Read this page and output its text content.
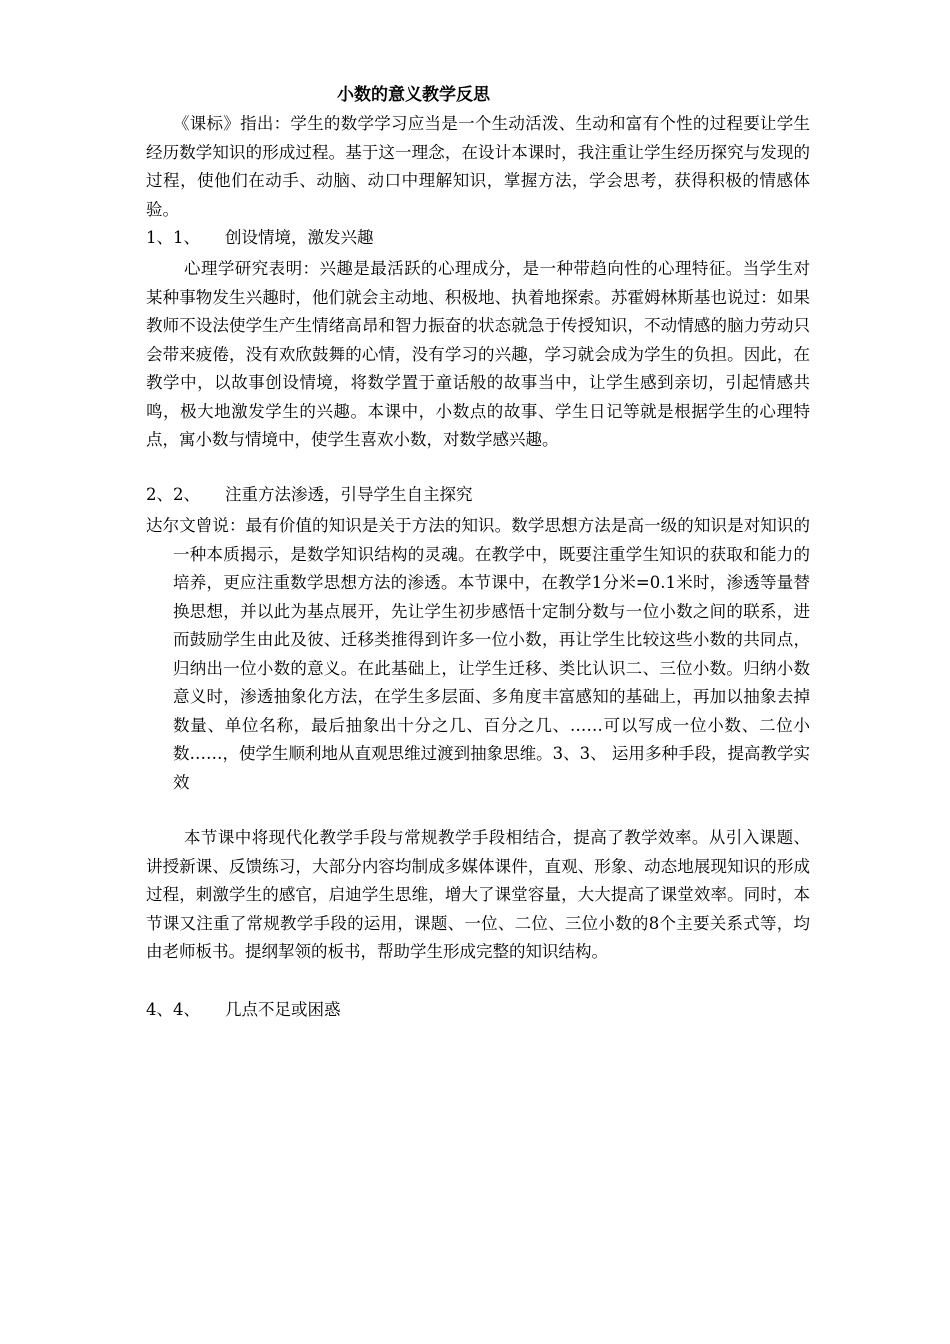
小数的意义教学反思
《课标》指出：学生的数学学习应当是一个生动活泼、生动和富有个性的过程要让学生经历数学知识的形成过程。基于这一理念，在设计本课时，我注重让学生经历探究与发现的过程，使他们在动手、动脑、动口中理解知识，掌握方法，学会思考，获得积极的情感体验。
1、1、 创设情境，激发兴趣
心理学研究表明：兴趣是最活跃的心理成分，是一种带趋向性的心理特征。当学生对某种事物发生兴趣时，他们就会主动地、积极地、执着地探索。苏霍姆林斯基也说过：如果教师不设法使学生产生情绪高昂和智力振奋的状态就急于传授知识，不动情感的脑力劳动只会带来疲倦，没有欢欣鼓舞的心情，没有学习的兴趣，学习就会成为学生的负担。因此，在教学中，以故事创设情境，将数学置于童话般的故事当中，让学生感到亲切，引起情感共鸣，极大地激发学生的兴趣。本课中，小数点的故事、学生日记等就是根据学生的心理特点，寓小数与情境中，使学生喜欢小数，对数学感兴趣。
2、2、 注重方法渗透，引导学生自主探究
达尔文曾说：最有价值的知识是关于方法的知识。数学思想方法是高一级的知识是对知识的一种本质揭示，是数学知识结构的灵魂。在教学中，既要注重学生知识的获取和能力的培养，更应注重数学思想方法的渗透。本节课中，在教学1分米=0.1米时，渗透等量替换思想，并以此为基点展开，先让学生初步感悟十定制分数与一位小数之间的联系，进而鼓励学生由此及彼、迁移类推得到许多一位小数，再让学生比较这些小数的共同点，归纳出一位小数的意义。在此基础上，让学生迁移、类比认识二、三位小数。归纳小数意义时，渗透抽象化方法，在学生多层面、多角度丰富感知的基础上，再加以抽象去掉数量、单位名称，最后抽象出十分之几、百分之几、……可以写成一位小数、二位小数……，使学生顺利地从直观思维过渡到抽象思维。3、3、 运用多种手段，提高教学实效
本节课中将现代化教学手段与常规教学手段相结合，提高了教学效率。从引入课题、讲授新课、反馈练习，大部分内容均制成多媒体课件，直观、形象、动态地展现知识的形成过程，刺激学生的感官，启迪学生思维，增大了课堂容量，大大提高了课堂效率。同时，本节课又注重了常规教学手段的运用，课题、一位、二位、三位小数的8个主要关系式等，均由老师板书。提纲挈领的板书，帮助学生形成完整的知识结构。
4、4、 几点不足或困惑
